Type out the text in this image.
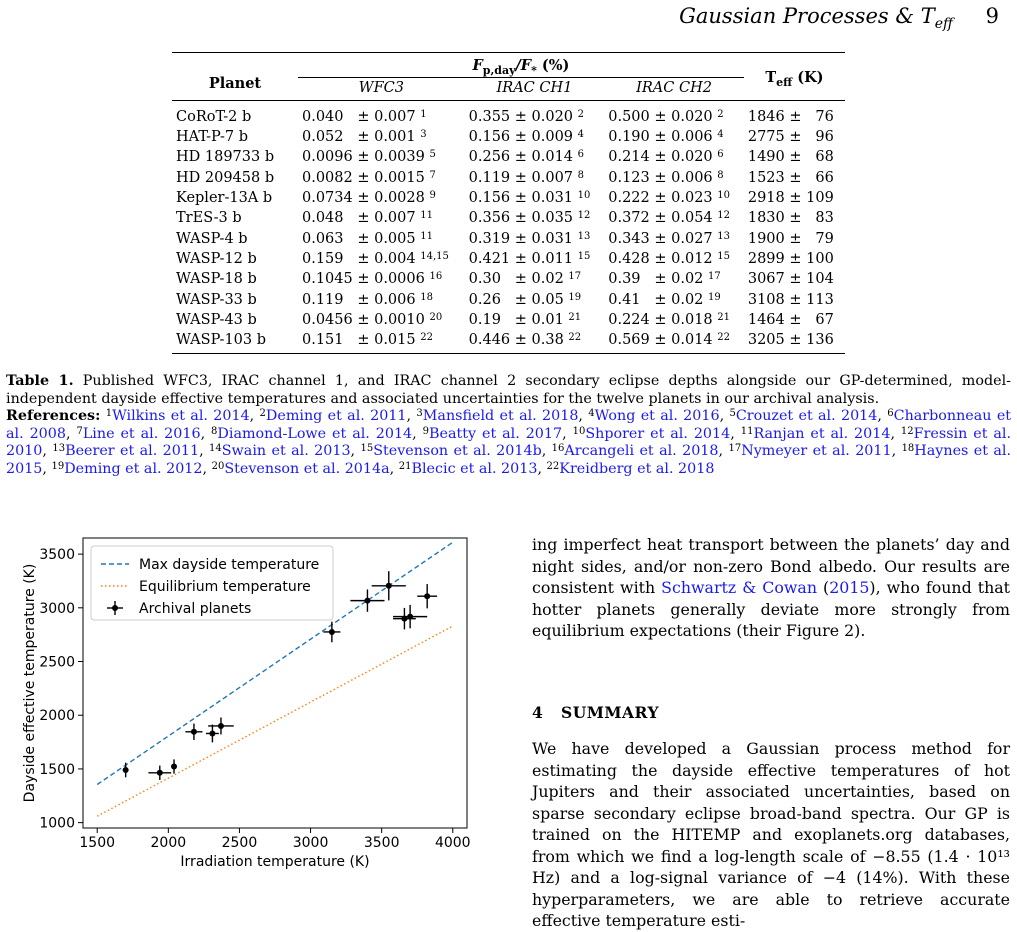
Gaussian Processes & $T_{eff}$ 9
Planet	$F_{p,day}/F_*$ (%)			$T_{eff}$ (K)
	WFC3	IRAC CH1	IRAC CH2	
CoRoT-2 b	0.040   ± 0.007 $^1$	0.355 ± 0.020 $^2$	0.500 ± 0.020 $^2$	1846 ±   76
HAT-P-7 b	0.052   ± 0.001 $^3$	0.156 ± 0.009 $^4$	0.190 ± 0.006 $^4$	2775 ±   96
HD 189733 b	0.0096 ± 0.0039 $^5$	0.256 ± 0.014 $^6$	0.214 ± 0.020 $^6$	1490 ±   68
HD 209458 b	0.0082 ± 0.0015 $^7$	0.119 ± 0.007 $^8$	0.123 ± 0.006 $^8$	1523 ±   66
Kepler-13A b	0.0734 ± 0.0028 $^9$	0.156 ± 0.031 $^{10}$	0.222 ± 0.023 $^{10}$	2918 ± 109
TrES-3 b	0.048   ± 0.007 $^{11}$	0.356 ± 0.035 $^{12}$	0.372 ± 0.054 $^{12}$	1830 ±   83
WASP-4 b	0.063   ± 0.005 $^{11}$	0.319 ± 0.031 $^{13}$	0.343 ± 0.027 $^{13}$	1900 ±   79
WASP-12 b	0.159   ± 0.004 $^{14,15}$	0.421 ± 0.011 $^{15}$	0.428 ± 0.012 $^{15}$	2899 ± 100
WASP-18 b	0.1045 ± 0.0006 $^{16}$	0.30   ± 0.02 $^{17}$	0.39   ± 0.02 $^{17}$	3067 ± 104
WASP-33 b	0.119   ± 0.006 $^{18}$	0.26   ± 0.05 $^{19}$	0.41   ± 0.02 $^{19}$	3108 ± 113
WASP-43 b	0.0456 ± 0.0010 $^{20}$	0.19   ± 0.01 $^{21}$	0.224 ± 0.018 $^{21}$	1464 ±   67
WASP-103 b	0.151   ± 0.015 $^{22}$	0.446 ± 0.38 $^{22}$	0.569 ± 0.014 $^{22}$	3205 ± 136
Table 1. Published WFC3, IRAC channel 1, and IRAC channel 2 secondary eclipse depths alongside our GP-determined, model-independent dayside effective temperatures and associated uncertainties for the twelve planets in our archival analysis.
References: $^1$Wilkins et al. 2014, $^2$Deming et al. 2011, $^3$Mansfield et al. 2018, $^4$Wong et al. 2016, $^5$Crouzet et al. 2014, $^6$Charbonneau et al. 2008, $^7$Line et al. 2016, $^8$Diamond-Lowe et al. 2014, $^9$Beatty et al. 2017, $^{10}$Shporer et al. 2014, $^{11}$Ranjan et al. 2014, $^{12}$Fressin et al. 2010, $^{13}$Beerer et al. 2011, $^{14}$Swain et al. 2013, $^{15}$Stevenson et al. 2014b, $^{16}$Arcangeli et al. 2018, $^{17}$Nymeyer et al. 2011, $^{18}$Haynes et al. 2015, $^{19}$Deming et al. 2012, $^{20}$Stevenson et al. 2014a, $^{21}$Blecic et al. 2013, $^{22}$Kreidberg et al. 2018
1500	2000	2500	3000	3500	4000
1000
1500
2000
2500
3000
3500
Irradiation temperature (K)
Dayside effective temperature (K)	Max dayside temperature
Equilibrium temperature
Archival planets
ing imperfect heat transport between the planets’ day and night sides, and/or non-zero Bond albedo. Our results are consistent with Schwartz & Cowan (2015), who found that hotter planets generally deviate more strongly from equilibrium expectations (their Figure 2).
4 SUMMARY
We have developed a Gaussian process method for estimating the dayside effective temperatures of hot Jupiters and their associated uncertainties, based on sparse secondary eclipse broad-band spectra. Our GP is trained on the HITEMP and exoplanets.org databases, from which we find a log-length scale of −8.55 (1.4 · 10¹³ Hz) and a log-signal variance of −4 (14%). With these hyperparameters, we are able to retrieve accurate effective temperature esti-
